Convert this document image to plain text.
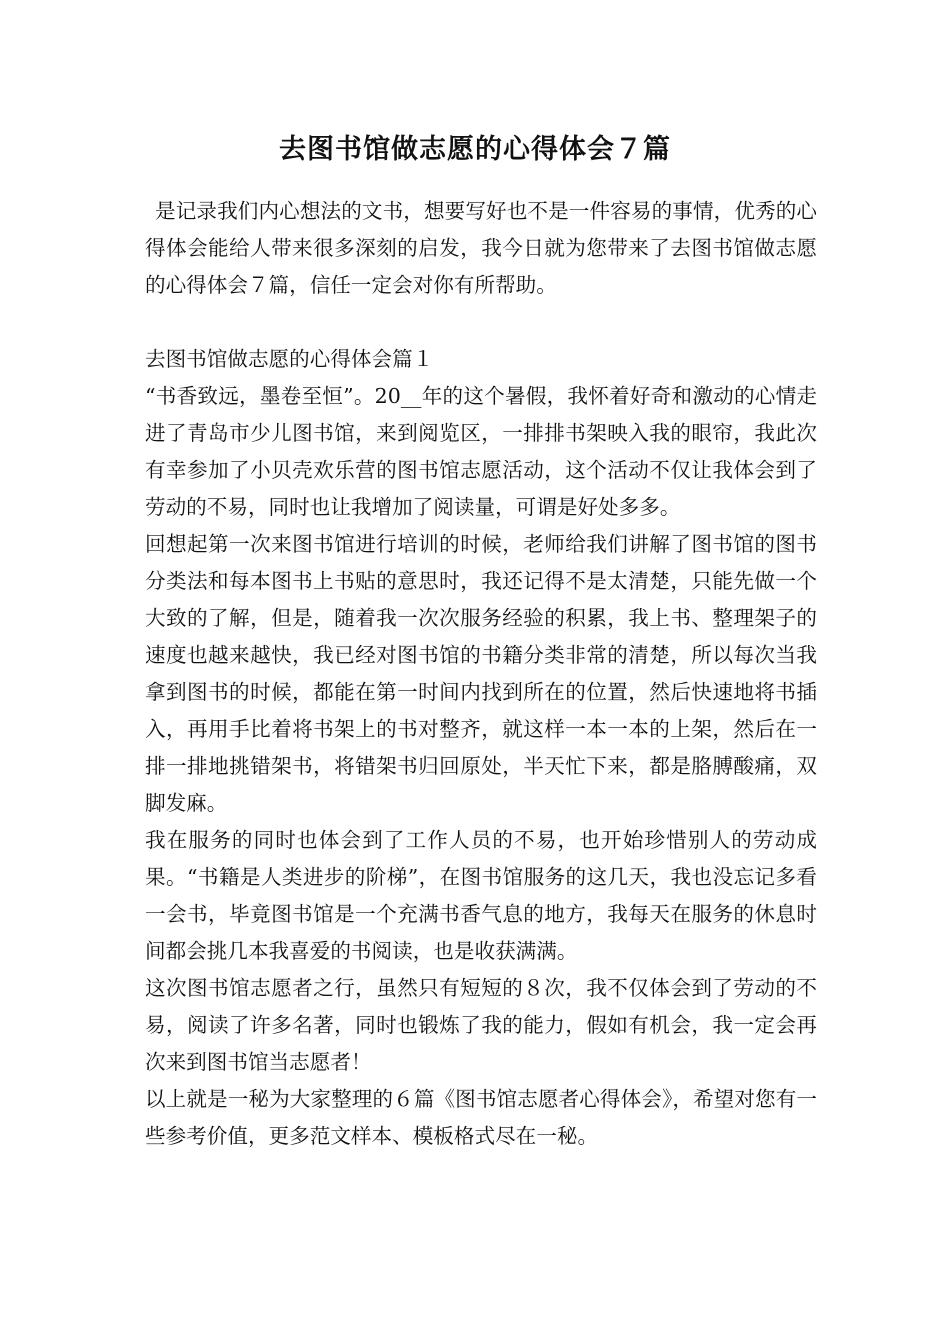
去图书馆做志愿的心得体会７篇

是记录我们内心想法的文书，想要写好也不是一件容易的事情，优秀的心得体会能给人带来很多深刻的启发，我今日就为您带来了去图书馆做志愿的心得体会７篇，信任一定会对你有所帮助。

去图书馆做志愿的心得体会篇１

“书香致远，墨卷至恒”。20__年的这个暑假，我怀着好奇和激动的心情走进了青岛市少儿图书馆，来到阅览区，一排排书架映入我的眼帘，我此次有幸参加了小贝壳欢乐营的图书馆志愿活动，这个活动不仅让我体会到了劳动的不易，同时也让我增加了阅读量，可谓是好处多多。

回想起第一次来图书馆进行培训的时候，老师给我们讲解了图书馆的图书分类法和每本图书上书贴的意思时，我还记得不是太清楚，只能先做一个大致的了解，但是，随着我一次次服务经验的积累，我上书、整理架子的速度也越来越快，我已经对图书馆的书籍分类非常的清楚，所以每次当我拿到图书的时候，都能在第一时间内找到所在的位置，然后快速地将书插入，再用手比着将书架上的书对整齐，就这样一本一本的上架，然后在一排一排地挑错架书，将错架书归回原处，半天忙下来，都是胳膊酸痛，双脚发麻。

我在服务的同时也体会到了工作人员的不易，也开始珍惜别人的劳动成果。“书籍是人类进步的阶梯”，在图书馆服务的这几天，我也没忘记多看一会书，毕竟图书馆是一个充满书香气息的地方，我每天在服务的休息时间都会挑几本我喜爱的书阅读，也是收获满满。

这次图书馆志愿者之行，虽然只有短短的８次，我不仅体会到了劳动的不易，阅读了许多名著，同时也锻炼了我的能力，假如有机会，我一定会再次来到图书馆当志愿者！

以上就是一秘为大家整理的６篇《图书馆志愿者心得体会》，希望对您有一些参考价值，更多范文样本、模板格式尽在一秘。
